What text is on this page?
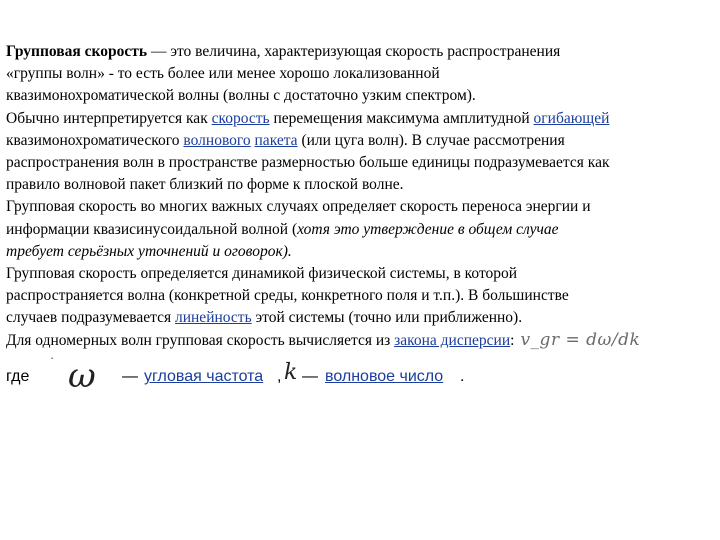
Групповая скорость — это величина, характеризующая скорость распространения
«группы волн» - то есть более или менее хорошо локализованной
квазимонохроматической волны (волны с достаточно узким спектром).
Обычно интерпретируется как скорость перемещения максимума амплитудной огибающей
квазимонохроматического волнового пакета (или цуга волн). В случае рассмотрения
распространения волн в пространстве размерностью больше единицы подразумевается как
правило волновой пакет близкий по форме к плоской волне.
Групповая скорость во многих важных случаях определяет скорость переноса энергии и
информации квазисинусоидальной волной (хотя это утверждение в общем случае
требует серьёзных уточнений и оговорок).
Групповая скорость определяется динамикой физической системы, в которой
распространяется волна (конкретной среды, конкретного поля и т.п.). В большинстве
случаев подразумевается линейность этой системы (точно или приближенно).
Для одномерных волн групповая скорость вычисляется из закона дисперсии: v_gr = dω/dk
где
▪ ω — угловая частота , k — волновое число .
